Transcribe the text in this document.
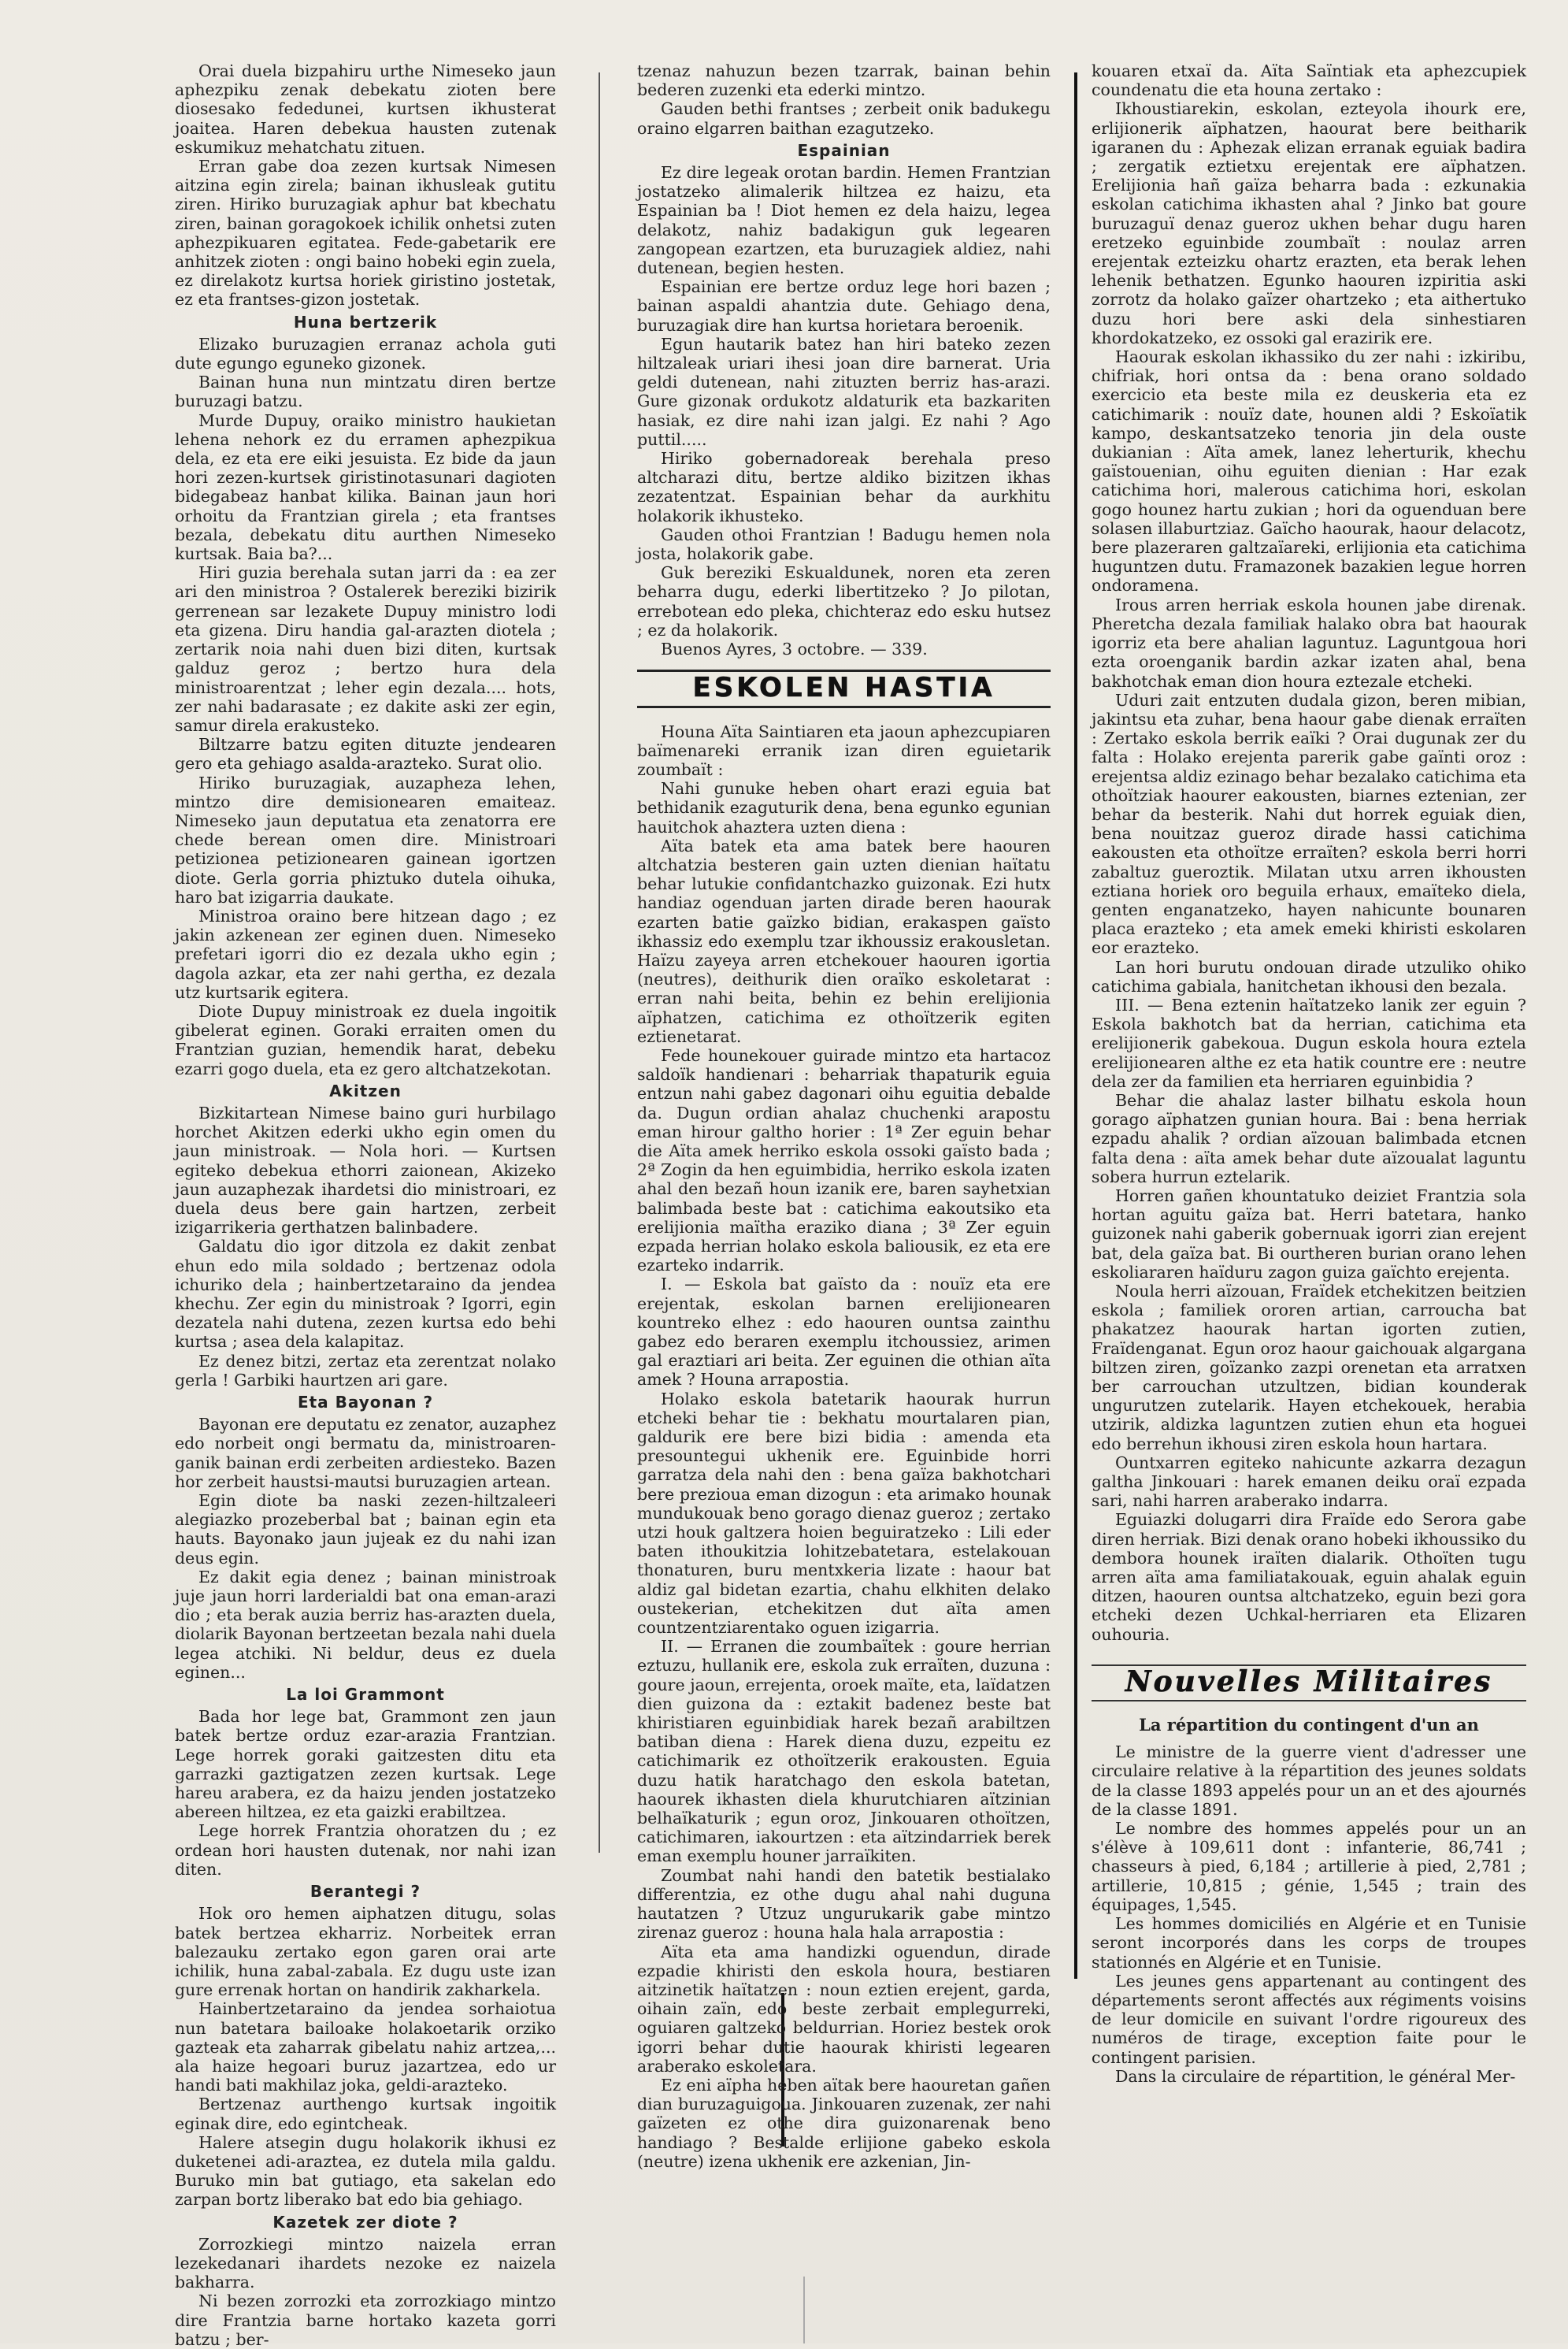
Orai duela bizpahiru urthe Nimeseko jaun aphezpiku zenak debekatu zioten bere diosesako fededunei, kurtsen ikhusterat joaitea. Haren debekua hausten zutenak eskumikuz mehatchatu zituen.

Erran gabe doa zezen kurtsak Nimesen aitzina egin zirela; bainan ikhusleak gutitu ziren. Hiriko buruzagiak aphur bat kbechatu ziren, bainan goragokoek ichilik onhetsi zuten aphezpikuaren egitatea. Fede-gabetarik ere anhitzek zioten : ongi baino hobeki egin zuela, ez direlakotz kurtsa horiek giristino jostetak, ez eta frantses-gizon jostetak.

Huna bertzerik

Elizako buruzagien erranaz achola guti dute egungo eguneko gizonek.

Bainan huna nun mintzatu diren bertze buruzagi batzu.

Murde Dupuy, oraiko ministro haukietan lehena nehork ez du erramen aphezpikua dela, ez eta ere eiki jesuista. Ez bide da jaun hori zezen-kurtsek giristinotasunari dagioten bidegabeaz hanbat kilika. Bainan jaun hori orhoitu da Frantzian girela ; eta frantses bezala, debekatu ditu aurthen Nimeseko kurtsak. Baia ba?...

Hiri guzia berehala sutan jarri da : ea zer ari den ministroa ? Ostalerek bereziki bizirik gerrenean sar lezakete Dupuy ministro lodi eta gizena. Diru handia gal-arazten diotela ; zertarik noia nahi duen bizi diten, kurtsak galduz geroz ; bertzo hura dela ministroarentzat ; leher egin dezala.... hots, zer nahi badarasate ; ez dakite aski zer egin, samur direla erakusteko.

Biltzarre batzu egiten dituzte jendearen gero eta gehiago asalda-arazteko. Surat olio.

Hiriko buruzagiak, auzapheza lehen, mintzo dire demisionearen emaiteaz. Nimeseko jaun deputatua eta zenatorra ere chede berean omen dire. Ministroari petizionea petizionearen gainean igortzen diote. Gerla gorria phiztuko dutela oihuka, haro bat izigarria daukate.

Ministroa oraino bere hitzean dago ; ez jakin azkenean zer eginen duen. Nimeseko prefetari igorri dio ez dezala ukho egin ; dagola azkar, eta zer nahi gertha, ez dezala utz kurtsarik egitera.

Diote Dupuy ministroak ez duela ingoitik gibelerat eginen. Goraki erraiten omen du Frantzian guzian, hemendik harat, debeku ezarri gogo duela, eta ez gero altchatzekotan.

Akitzen

Bizkitartean Nimese baino guri hurbilago horchet Akitzen ederki ukho egin omen du jaun ministroak. — Nola hori. — Kurtsen egiteko debekua ethorri zaionean, Akizeko jaun auzaphezak ihardetsi dio ministroari, ez duela deus bere gain hartzen, zerbeit izigarrikeria gerthatzen balinbadere.

Galdatu dio igor ditzola ez dakit zenbat ehun edo mila soldado ; bertzenaz odola ichuriko dela ; hainbertzetaraino da jendea khechu. Zer egin du ministroak ? Igorri, egin dezatela nahi dutena, zezen kurtsa edo behi kurtsa ; asea dela kalapitaz.

Ez denez bitzi, zertaz eta zerentzat nolako gerla ! Garbiki haurtzen ari gare.

Eta Bayonan ?

Bayonan ere deputatu ez zenator, auzaphez edo norbeit ongi bermatu da, ministroaren-ganik bainan erdi zerbeiten ardiesteko. Bazen hor zerbeit haustsi-mautsi buruzagien artean.

Egin diote ba naski zezen-hiltzaleeri alegiazko prozeberbal bat ; bainan egin eta hauts. Bayonako jaun jujeak ez du nahi izan deus egin.

Ez dakit egia denez ; bainan ministroak juje jaun horri larderialdi bat ona eman-arazi dio ; eta berak auzia berriz has-arazten duela, diolarik Bayonan bertzeetan bezala nahi duela legea atchiki. Ni beldur, deus ez duela eginen...

La loi Grammont

Bada hor lege bat, Grammont zen jaun batek bertze orduz ezar-arazia Frantzian. Lege horrek goraki gaitzesten ditu eta garrazki gaztigatzen zezen kurtsak. Lege hareu arabera, ez da haizu jenden jostatzeko abereen hiltzea, ez eta gaizki erabiltzea.

Lege horrek Frantzia ohoratzen du ; ez ordean hori hausten dutenak, nor nahi izan diten.

Berantegi ?

Hok oro hemen aiphatzen ditugu, solas batek bertzea ekharriz. Norbeitek erran balezauku zertako egon garen orai arte ichilik, huna zabal-zabala. Ez dugu uste izan gure errenak hortan on handirik zakharkela.

Hainbertzetaraino da jendea sorhaiotua nun batetara bailoake holakoetarik orziko gazteak eta zaharrak gibelatu nahiz artzea,... ala haize hegoari buruz jazartzea, edo ur handi bati makhilaz joka, geldi-arazteko.

Bertzenaz aurthengo kurtsak ingoitik eginak dire, edo egintcheak.

Halere atsegin dugu holakorik ikhusi ez duketenei adi-araztea, ez dutela mila galdu. Buruko min bat gutiago, eta sakelan edo zarpan bortz liberako bat edo bia gehiago.

Kazetek zer diote ?

Zorrozkiegi mintzo naizela erran lezekedanari ihardets nezoke ez naizela bakharra.

Ni bezen zorrozki eta zorrozkiago mintzo dire Frantzia barne hortako kazeta gorri batzu ; ber-

tzenaz nahuzun bezen tzarrak, bainan behin bederen zuzenki eta ederki mintzo.

Gauden bethi frantses ; zerbeit onik badukegu oraino elgarren baithan ezagutzeko.

Espainian

Ez dire legeak orotan bardin. Hemen Frantzian jostatzeko alimalerik hiltzea ez haizu, eta Espainian ba ! Diot hemen ez dela haizu, legea delakotz, nahiz badakigun guk legearen zangopean ezartzen, eta buruzagiek aldiez, nahi dutenean, begien hesten.

Espainian ere bertze orduz lege hori bazen ; bainan aspaldi ahantzia dute. Gehiago dena, buruzagiak dire han kurtsa horietara beroenik.

Egun hautarik batez han hiri bateko zezen hiltzaleak uriari ihesi joan dire barnerat. Uria geldi dutenean, nahi zituzten berriz has-arazi. Gure gizonak ordukotz aldaturik eta bazkariten hasiak, ez dire nahi izan jalgi. Ez nahi ? Ago puttil.....

Hiriko gobernadoreak berehala preso altcharazi ditu, bertze aldiko bizitzen ikhas zezatentzat. Espainian behar da aurkhitu holakorik ikhusteko.

Gauden othoi Frantzian ! Badugu hemen nola josta, holakorik gabe.

Guk bereziki Eskualdunek, noren eta zeren beharra dugu, ederki libertitzeko ? Jo pilotan, errebotean edo pleka, chichteraz edo esku hutsez ; ez da holakorik.

Buenos Ayres, 3 octobre. — 339.

ESKOLEN HASTIA

Houna Aïta Saintiaren eta jaoun aphezcupiaren baïmenareki erranik izan diren eguietarik zoumbaït :

Nahi gunuke heben ohart erazi eguia bat bethidanik ezaguturik dena, bena egunko egunian hauitchok ahaztera uzten diena :

Aïta batek eta ama batek bere haouren altchatzia besteren gain uzten dienian haïtatu behar lutukie confidantchazko guizonak. Ezi hutx handiaz ogenduan jarten dirade beren haourak ezarten batie gaïzko bidian, erakaspen gaïsto ikhassiz edo exemplu tzar ikhoussiz erakousletan. Haïzu zayeya arren etchekouer haouren igortia (neutres), deithurik dien oraïko eskoletarat : erran nahi beita, behin ez behin erelijionia aïphatzen, catichima ez othoïtzerik egiten eztienetarat.

Fede hounekouer guirade mintzo eta hartacoz saldoïk handienari : beharriak thapaturik eguia entzun nahi gabez dagonari oihu eguitia debalde da. Dugun ordian ahalaz chuchenki arapostu eman hirour galtho horier : 1ª Zer eguin behar die Aïta amek herriko eskola ossoki gaïsto bada ; 2ª Zogin da hen eguimbidia, herriko eskola izaten ahal den bezañ houn izanik ere, baren sayhetxian balimbada beste bat : catichima eakoutsiko eta erelijionia maïtha eraziko diana ; 3ª Zer eguin ezpada herrian holako eskola baliousik, ez eta ere ezarteko indarrik.

I. — Eskola bat gaïsto da : nouïz eta ere erejentak, eskolan barnen erelijionearen kountreko elhez : edo haouren ountsa zainthu gabez edo beraren exemplu itchoussiez, arimen gal eraztiari ari beita. Zer eguinen die othian aïta amek ? Houna arrapostia.

Holako eskola batetarik haourak hurrun etcheki behar tie : bekhatu mourtalaren pian, galdurik ere bere bizi bidia : amenda eta presountegui ukhenik ere. Eguinbide horri garratza dela nahi den : bena gaïza bakhotchari bere prezioua eman dizogun : eta arimako hounak mundukouak beno gorago dienaz gueroz ; zertako utzi houk galtzera hoien beguiratzeko : Lili eder baten ithoukitzia lohitzebatetara, estelakouan thonaturen, buru mentxkeria lizate : haour bat aldiz gal bidetan ezartia, chahu elkhiten delako oustekerian, etchekitzen dut aïta amen countzentziarentako oguen izigarria.

II. — Erranen die zoumbaïtek : goure herrian eztuzu, hullanik ere, eskola zuk erraïten, duzuna : goure jaoun, errejenta, oroek maïte, eta, laïdatzen dien guizona da : eztakit badenez beste bat khiristiaren eguinbidiak harek bezañ arabiltzen batiban diena : Harek diena duzu, ezpeitu ez catichimarik ez othoïtzerik erakousten. Eguia duzu hatik haratchago den eskola batetan, haourek ikhasten diela khurutchiaren aïtzinian belhaïkaturik ; egun oroz, Jinkouaren othoïtzen, catichimaren, iakourtzen : eta aïtzindarriek berek eman exemplu houner jarraïkiten.

Zoumbat nahi handi den batetik bestialako differentzia, ez othe dugu ahal nahi duguna hautatzen ? Utzuz ungurukarik gabe mintzo zirenaz gueroz : houna hala hala arrapostia :

Aïta eta ama handizki oguendun, dirade ezpadie khiristi den eskola houra, bestiaren aitzinetik haïtatzen : noun eztien erejent, garda, oihain zaïn, edo beste zerbait emplegurreki, oguiaren galtzeko beldurrian. Horiez bestek orok igorri behar dutie haourak khiristi legearen araberako eskoletara.

Ez eni aïpha heben aïtak bere haouretan gañen dian buruzaguigoua. Jinkouaren zuzenak, zer nahi gaïzeten ez othe dira guizonarenak beno handiago ? Bestalde erlijione gabeko eskola (neutre) izena ukhenik ere azkenian, Jin-

kouaren etxaï da. Aïta Saïntiak eta aphezcupiek coundenatu die eta houna zertako :

Ikhoustiarekin, eskolan, ezteyola ihourk ere, erlijionerik aïphatzen, haourat bere beitharik igaranen du : Aphezak elizan erranak eguiak badira ; zergatik eztietxu erejentak ere aïphatzen. Erelijionia hañ gaïza beharra bada : ezkunakia eskolan catichima ikhasten ahal ? Jinko bat goure buruzaguï denaz gueroz ukhen behar dugu haren eretzeko eguinbide zoumbaït : noulaz arren erejentak ezteizku ohartz erazten, eta berak lehen lehenik bethatzen. Egunko haouren izpiritia aski zorrotz da holako gaïzer ohartzeko ; eta aithertuko duzu hori bere aski dela sinhestiaren khordokatzeko, ez ossoki gal erazirik ere.

Haourak eskolan ikhassiko du zer nahi : izkiribu, chifriak, hori ontsa da : bena orano soldado exercicio eta beste mila ez deuskeria eta ez catichimarik : nouïz date, hounen aldi ? Eskoïatik kampo, deskantsatzeko tenoria jin dela ouste dukianian : Aïta amek, lanez leherturik, khechu gaïstouenian, oihu eguiten dienian : Har ezak catichima hori, malerous catichima hori, eskolan gogo hounez hartu zukian ; hori da oguenduan bere solasen illaburtziaz. Gaïcho haourak, haour delacotz, bere plazeraren galtzaïareki, erlijionia eta catichima huguntzen dutu. Framazonek bazakien legue horren ondoramena.

Irous arren herriak eskola hounen jabe direnak. Pheretcha dezala familiak halako obra bat haourak igorriz eta bere ahalian laguntuz. Laguntgoua hori ezta oroenganik bardin azkar izaten ahal, bena bakhotchak eman dion houra eztezale etcheki.

Uduri zait entzuten dudala gizon, beren mibian, jakintsu eta zuhar, bena haour gabe dienak erraïten : Zertako eskola berrik eaïki ? Orai dugunak zer du falta : Holako erejenta parerik gabe gaïnti oroz : erejentsa aldiz ezinago behar bezalako catichima eta othoïtziak haourer eakousten, biarnes eztenian, zer behar da besterik. Nahi dut horrek eguiak dien, bena nouitzaz gueroz dirade hassi catichima eakousten eta othoïtze erraïten? eskola berri horri zabaltuz gueroztik. Milatan utxu arren ikhousten eztiana horiek oro beguila erhaux, emaïteko diela, genten enganatzeko, hayen nahicunte bounaren placa erazteko ; eta amek emeki khiristi eskolaren eor erazteko.

Lan hori burutu ondouan dirade utzuliko ohiko catichima gabiala, hanitchetan ikhousi den bezala.

III. — Bena eztenin haïtatzeko lanik zer eguin ? Eskola bakhotch bat da herrian, catichima eta erelijionerik gabekoua. Dugun eskola houra eztela erelijionearen althe ez eta hatik countre ere : neutre dela zer da familien eta herriaren eguinbidia ?

Behar die ahalaz laster bilhatu eskola houn gorago aïphatzen gunian houra. Bai : bena herriak ezpadu ahalik ? ordian aïzouan balimbada etcnen falta dena : aïta amek behar dute aïzoualat laguntu sobera hurrun eztelarik.

Horren gañen khountatuko deiziet Frantzia sola hortan aguitu gaïza bat. Herri batetara, hanko guizonek nahi gaberik gobernuak igorri zian erejent bat, dela gaïza bat. Bi ourtheren burian orano lehen eskoliararen haïduru zagon guiza gaïchto erejenta.

Noula herri aïzouan, Fraïdek etchekitzen beitzien eskola ; familiek ororen artian, carroucha bat phakatzez haourak hartan igorten zutien, Fraïdenganat. Egun oroz haour gaichouak algargana biltzen ziren, goïzanko zazpi orenetan eta arratxen ber carrouchan utzultzen, bidian kounderak ungurutzen zutelarik. Hayen etchekouek, herabia utzirik, aldizka laguntzen zutien ehun eta hoguei edo berrehun ikhousi ziren eskola houn hartara.

Ountxarren egiteko nahicunte azkarra dezagun galtha Jinkouari : harek emanen deiku oraï ezpada sari, nahi harren araberako indarra.

Eguiazki dolugarri dira Fraïde edo Serora gabe diren herriak. Bizi denak orano hobeki ikhoussiko du dembora hounek iraïten dialarik. Othoïten tugu arren aïta ama familiatakouak, eguin ahalak eguin ditzen, haouren ountsa altchatzeko, eguin bezi gora etcheki dezen Uchkal-herriaren eta Elizaren ouhouria.

Nouvelles Militaires
La répartition du contingent d'un an

Le ministre de la guerre vient d'adresser une circulaire relative à la répartition des jeunes soldats de la classe 1893 appelés pour un an et des ajournés de la classe 1891.

Le nombre des hommes appelés pour un an s'élève à 109,611 dont : infanterie, 86,741 ; chasseurs à pied, 6,184 ; artillerie à pied, 2,781 ; artillerie, 10,815 ; génie, 1,545 ; train des équipages, 1,545.

Les hommes domiciliés en Algérie et en Tunisie seront incorporés dans les corps de troupes stationnés en Algérie et en Tunisie.

Les jeunes gens appartenant au contingent des départements seront affectés aux régiments voisins de leur domicile en suivant l'ordre rigoureux des numéros de tirage, exception faite pour le contingent parisien.

Dans la circulaire de répartition, le général Mer-
